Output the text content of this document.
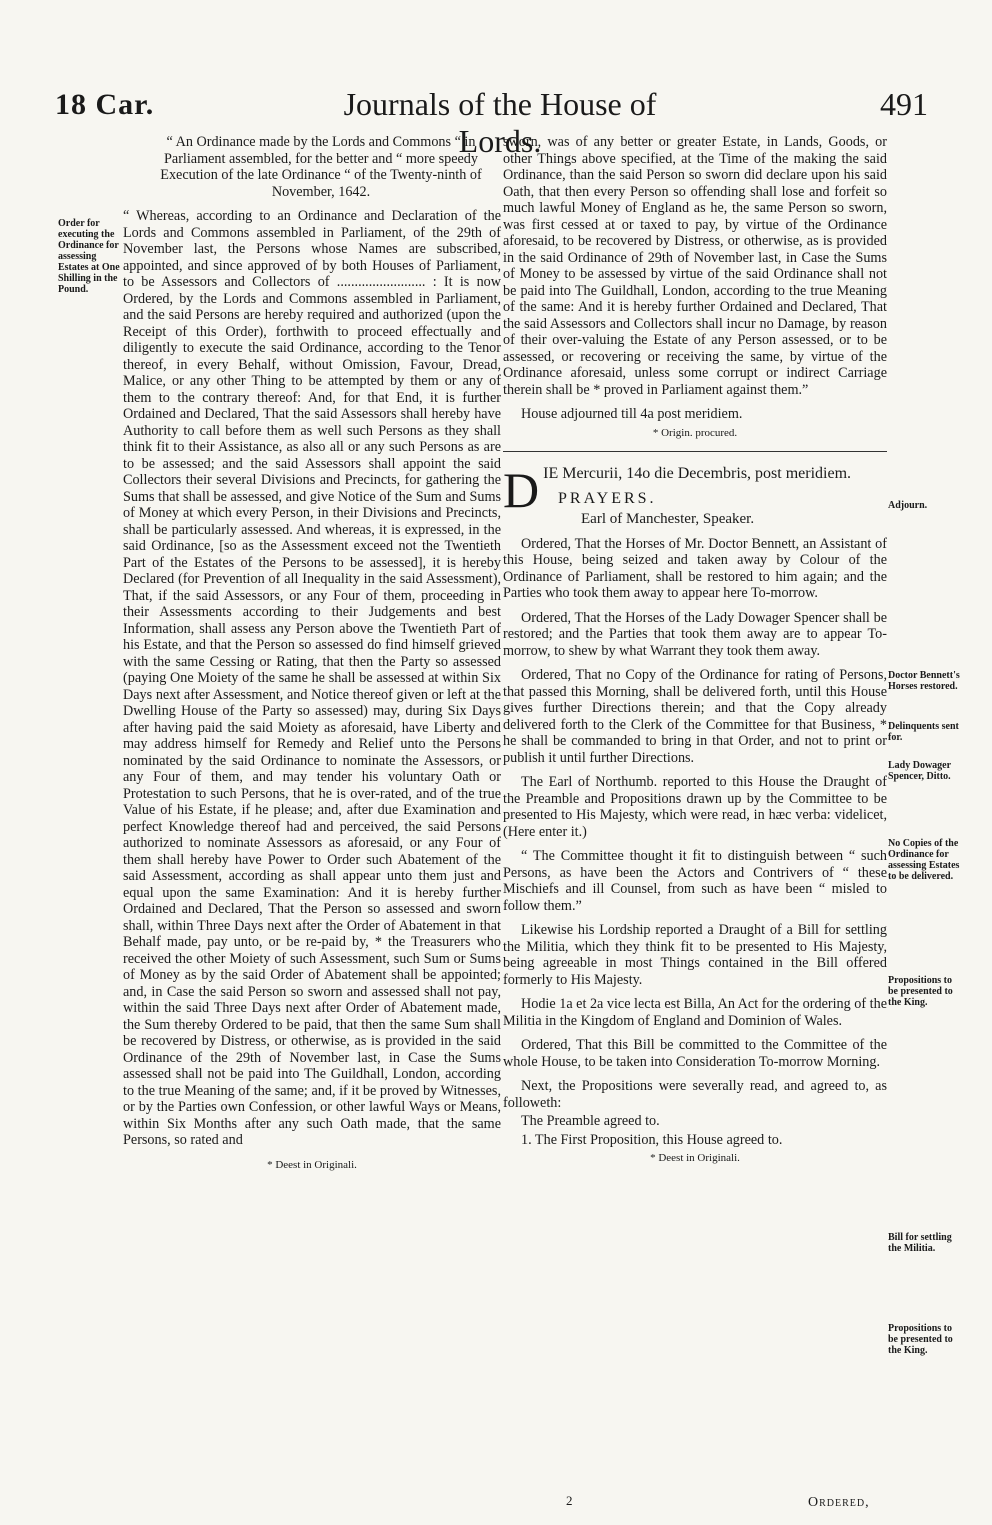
18 Car.	Journals of the House of Lords.
491
Order for executing the Ordinance for assessing Estates at One Shilling in the Pound.

“ An Ordinance made by the Lords and Commons “ in Parliament assembled, for the better and “ more speedy Execution of the late Ordinance “ of the Twenty-ninth of November, 1642.

“ Whereas, according to an Ordinance and Declaration of the Lords and Commons assembled in Parliament, of the 29th of November last, the Persons whose Names are subscribed, appointed, and since approved of by both Houses of Parliament, to be Assessors and Collectors of ......................... : It is now Ordered, by the Lords and Commons assembled in Parliament, and the said Persons are hereby required and authorized (upon the Receipt of this Order), forthwith to proceed effectually and diligently to execute the said Ordinance, according to the Tenor thereof, in every Behalf, without Omission, Favour, Dread, Malice, or any other Thing to be attempted by them or any of them to the contrary thereof: And, for that End, it is further Ordained and Declared, That the said Assessors shall hereby have Authority to call before them as well such Persons as they shall think fit to their Assistance, as also all or any such Persons as are to be assessed; and the said Assessors shall appoint the said Collectors their several Divisions and Precincts, for gathering the Sums that shall be assessed, and give Notice of the Sum and Sums of Money at which every Person, in their Divisions and Precincts, shall be particularly assessed. And whereas, it is expressed, in the said Ordinance, [so as the Assessment exceed not the Twentieth Part of the Estates of the Persons to be assessed], it is hereby Declared (for Prevention of all Inequality in the said Assessment), That, if the said Assessors, or any Four of them, proceeding in their Assessments according to their Judgements and best Information, shall assess any Person above the Twentieth Part of his Estate, and that the Person so assessed do find himself grieved with the same Cessing or Rating, that then the Party so assessed (paying One Moiety of the same he shall be assessed at within Six Days next after Assessment, and Notice thereof given or left at the Dwelling House of the Party so assessed) may, during Six Days after having paid the said Moiety as aforesaid, have Liberty and may address himself for Remedy and Relief unto the Persons nominated by the said Ordinance to nominate the Assessors, or any Four of them, and may tender his voluntary Oath or Protestation to such Persons, that he is over-rated, and of the true Value of his Estate, if he please; and, after due Examination and perfect Knowledge thereof had and perceived, the said Persons authorized to nominate Assessors as aforesaid, or any Four of them shall hereby have Power to Order such Abatement of the said Assessment, according as shall appear unto them just and equal upon the same Examination: And it is hereby further Ordained and Declared, That the Person so assessed and sworn shall, within Three Days next after the Order of Abatement in that Behalf made, pay unto, or be re-paid by, * the Treasurers who received the other Moiety of such Assessment, such Sum or Sums of Money as by the said Order of Abatement shall be appointed; and, in Case the said Person so sworn and assessed shall not pay, within the said Three Days next after Order of Abatement made, the Sum thereby Ordered to be paid, that then the same Sum shall be recovered by Distress, or otherwise, as is provided in the said Ordinance of the 29th of November last, in Case the Sums assessed shall not be paid into The Guildhall, London, according to the true Meaning of the same; and, if it be proved by Witnesses, or by the Parties own Confession, or other lawful Ways or Means, within Six Months after any such Oath made, that the same Persons, so rated and

* Deest in Originali.

sworn, was of any better or greater Estate, in Lands, Goods, or other Things above specified, at the Time of the making the said Ordinance, than the said Person so sworn did declare upon his said Oath, that then every Person so offending shall lose and forfeit so much lawful Money of England as he, the same Person so sworn, was first cessed at or taxed to pay, by virtue of the Ordinance aforesaid, to be recovered by Distress, or otherwise, as is provided in the said Ordinance of 29th of November last, in Case the Sums of Money to be assessed by virtue of the said Ordinance shall not be paid into The Guildhall, London, according to the true Meaning of the same: And it is hereby further Ordained and Declared, That the said Assessors and Collectors shall incur no Damage, by reason of their over-valuing the Estate of any Person assessed, or to be assessed, or recovering or receiving the same, by virtue of the Ordinance aforesaid, unless some corrupt or indirect Carriage therein shall be * proved in Parliament against them.”

House adjourned till 4a post meridiem.

* Origin. procured.
D IE Mercurii, 14o die Decembris, post meridiem.
PRAYERS.
Earl of Manchester, Speaker.

Ordered, That the Horses of Mr. Doctor Bennett, an Assistant of this House, being seized and taken away by Colour of the Ordinance of Parliament, shall be restored to him again; and the Parties who took them away to appear here To-morrow.

Ordered, That the Horses of the Lady Dowager Spencer shall be restored; and the Parties that took them away are to appear To-morrow, to shew by what Warrant they took them away.

Ordered, That no Copy of the Ordinance for rating of Persons, that passed this Morning, shall be delivered forth, until this House gives further Directions therein; and that the Copy already delivered forth to the Clerk of the Committee for that Business, * he shall be commanded to bring in that Order, and not to print or publish it until further Directions.

The Earl of Northumb. reported to this House the Draught of the Preamble and Propositions drawn up by the Committee to be presented to His Majesty, which were read, in hæc verba: videlicet, (Here enter it.)

“ The Committee thought it fit to distinguish between “ such Persons, as have been the Actors and Contrivers of “ these Mischiefs and ill Counsel, from such as have been “ misled to follow them.”

Likewise his Lordship reported a Draught of a Bill for settling the Militia, which they think fit to be presented to His Majesty, being agreeable in most Things contained in the Bill offered formerly to His Majesty.

Hodie 1a et 2a vice lecta est Billa, An Act for the ordering of the Militia in the Kingdom of England and Dominion of Wales.

Ordered, That this Bill be committed to the Committee of the whole House, to be taken into Consideration To-morrow Morning.

Next, the Propositions were severally read, and agreed to, as followeth:

The Preamble agreed to.

1. The First Proposition, this House agreed to.

* Deest in Originali.
Adjourn.
Doctor Bennett's Horses restored.
Delinquents sent for.
Lady Dowager Spencer, Ditto.
No Copies of the Ordinance for assessing Estates to be delivered.
Propositions to be presented to the King.
Bill for settling the Militia.
Propositions to be presented to the King.
2	Ordered,
